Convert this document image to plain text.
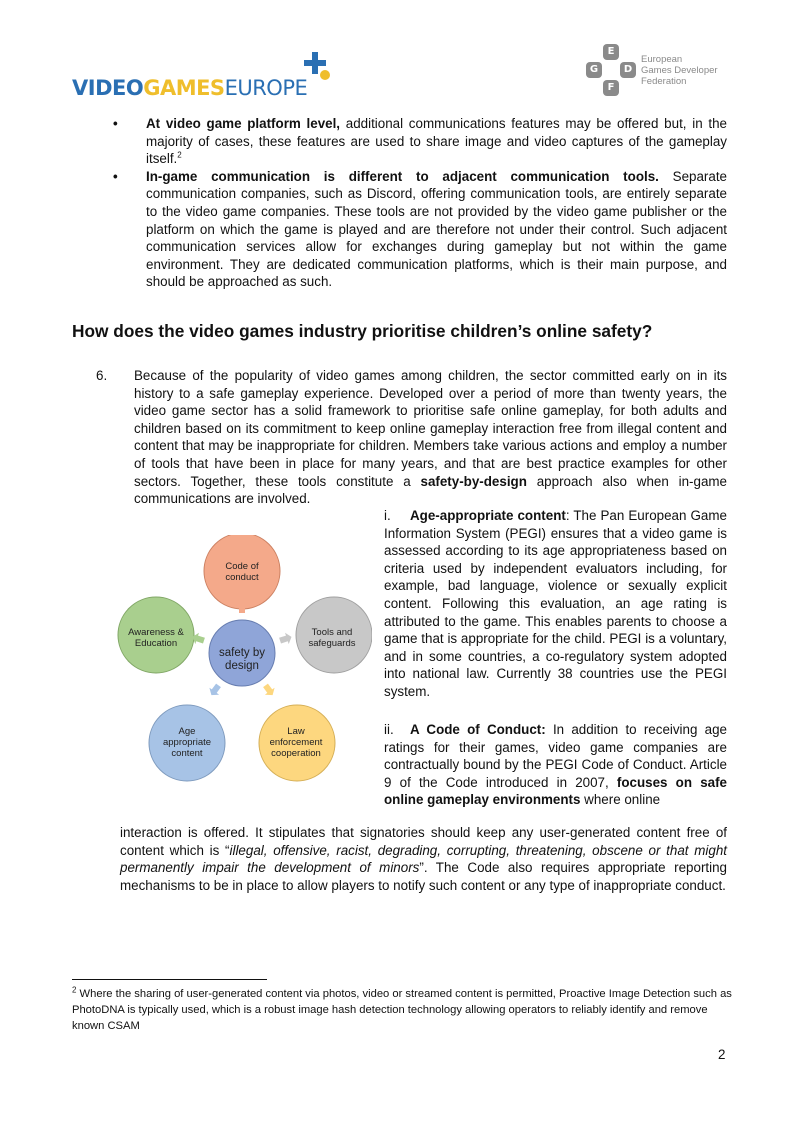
VIDEOGAMESEUROPE
E
G	D
F
European
Games Developer
Federation
• At video game platform level, additional communications features may be offered but, in the majority of cases, these features are used to share image and video captures of the gameplay itself.$^2$
• In-game communication is different to adjacent communication tools. Separate communication companies, such as Discord, offering communication tools, are entirely separate to the video game companies. These tools are not provided by the video game publisher or the platform on which the game is played and are therefore not under their control. Such adjacent communication services allow for exchanges during gameplay but not within the game environment. They are dedicated communication platforms, which is their main purpose, and should be approached as such.
How does the video games industry prioritise children’s online safety?
6. Because of the popularity of video games among children, the sector committed early on in its history to a safe gameplay experience. Developed over a period of more than twenty years, the video game sector has a solid framework to prioritise safe online gameplay, for both adults and children based on its commitment to keep online gameplay interaction free from illegal content and content that may be inappropriate for children. Members take various actions and employ a number of tools that have been in place for many years, and that are best practice examples for other sectors. Together, these tools constitute a safety-by-design approach also when in-game communications are involved.
safety by design
Code of conduct
Tools and safeguards
Law enforcement cooperation
Age appropriate content
Awareness & Education
i. Age-appropriate content: The Pan European Game Information System (PEGI) ensures that a video game is assessed according to its age appropriateness based on criteria used by independent evaluators including, for example, bad language, violence or sexually explicit content. Following this evaluation, an age rating is attributed to the game. This enables parents to choose a game that is appropriate for the child. PEGI is a voluntary, and in some countries, a co-regulatory system adopted into national law. Currently 38 countries use the PEGI system.
ii. A Code of Conduct: In addition to receiving age ratings for their games, video game companies are contractually bound by the PEGI Code of Conduct. Article 9 of the Code introduced in 2007, focuses on safe online gameplay environments where online
interaction is offered. It stipulates that signatories should keep any user-generated content free of content which is “illegal, offensive, racist, degrading, corrupting, threatening, obscene or that might permanently impair the development of minors”. The Code also requires appropriate reporting mechanisms to be in place to allow players to notify such content or any type of inappropriate conduct.
$^2$ Where the sharing of user-generated content via photos, video or streamed content is permitted, Proactive Image Detection such as PhotoDNA is typically used, which is a robust image hash detection technology allowing operators to reliably identify and remove known CSAM
2
